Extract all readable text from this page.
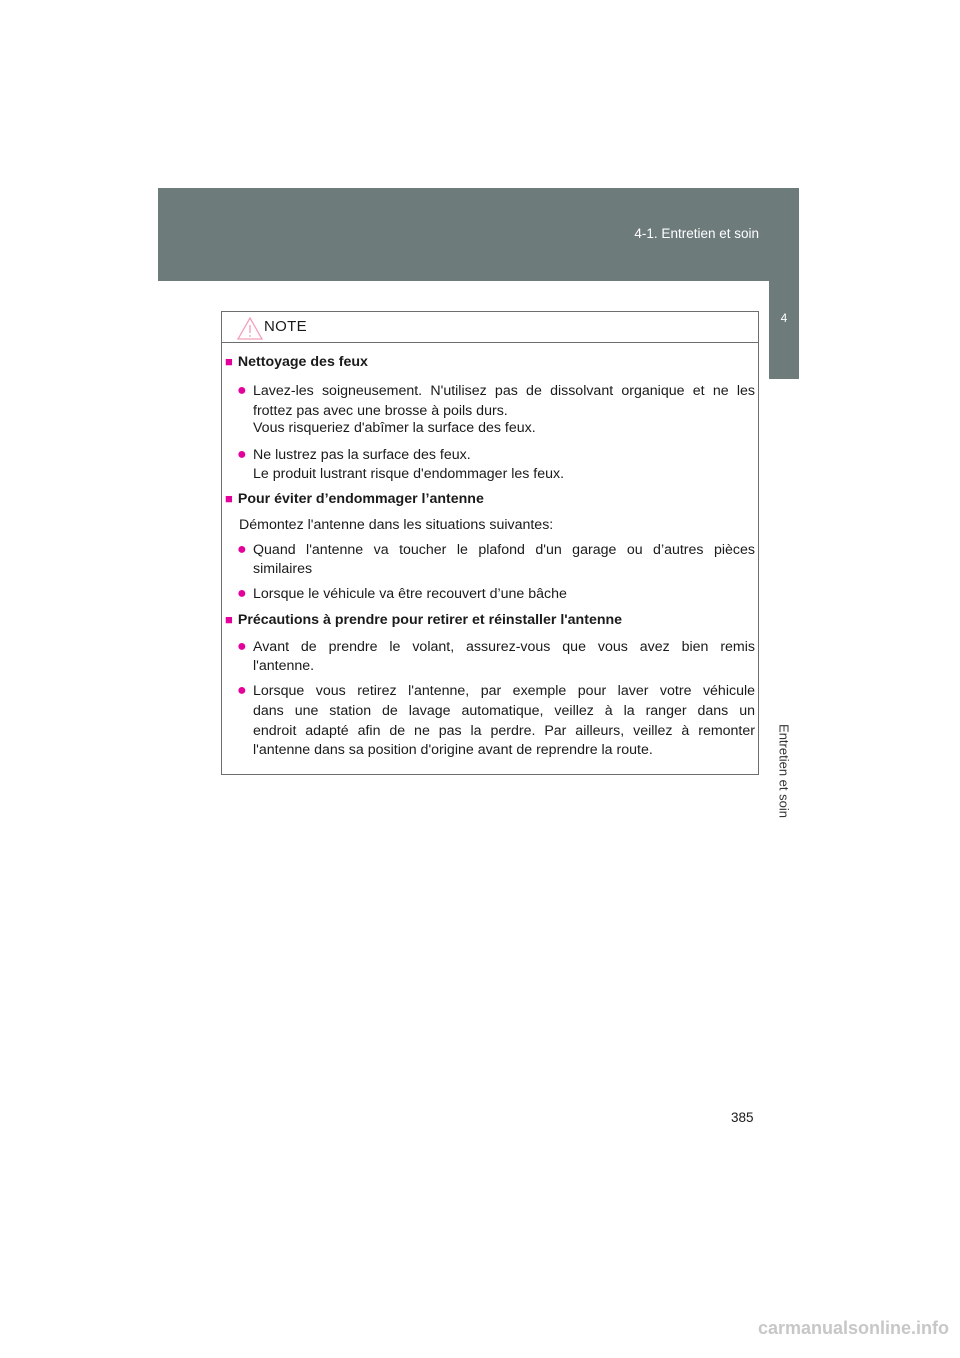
4-1. Entretien et soin
4
Entretien et soin
NOTE
■ Nettoyage des feux
● Lavez-les soigneusement. N'utilisez pas de dissolvant organique et ne les
frottez pas avec une brosse à poils durs.
Vous risqueriez d'abîmer la surface des feux.
● Ne lustrez pas la surface des feux.
Le produit lustrant risque d'endommager les feux.
■ Pour éviter d’endommager l’antenne
Démontez l'antenne dans les situations suivantes:
● Quand l'antenne va toucher le plafond d'un garage ou d’autres pièces
similaires
● Lorsque le véhicule va être recouvert d’une bâche
■ Précautions à prendre pour retirer et réinstaller l'antenne
● Avant de prendre le volant, assurez-vous que vous avez bien remis
l'antenne.
● Lorsque vous retirez l'antenne, par exemple pour laver votre véhicule
dans une station de lavage automatique, veillez à la ranger dans un
endroit adapté afin de ne pas la perdre. Par ailleurs, veillez à remonter
l'antenne dans sa position d'origine avant de reprendre la route.
385
carmanualsonline.info
